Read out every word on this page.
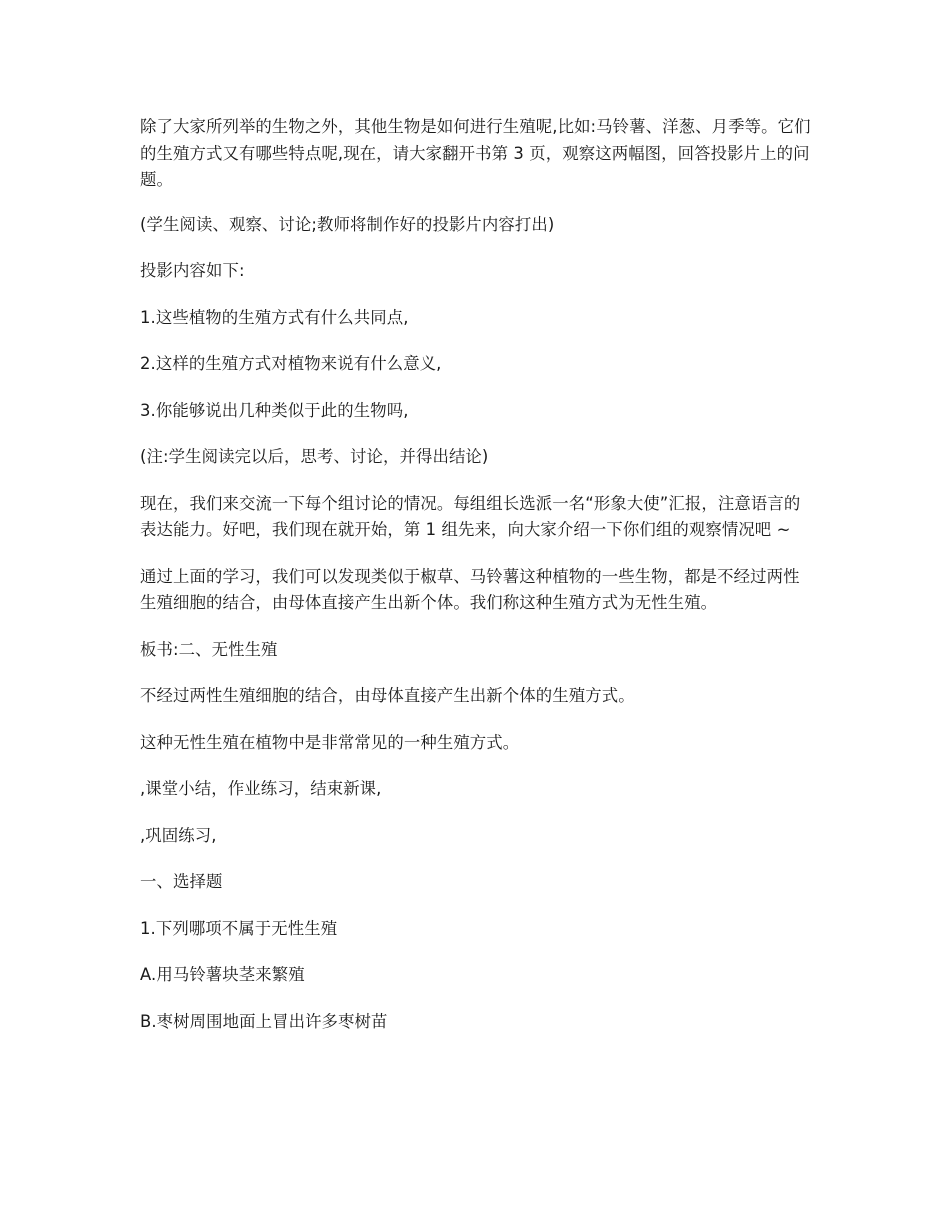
除了大家所列举的生物之外，其他生物是如何进行生殖呢,比如:马铃薯、洋葱、月季等。它们的生殖方式又有哪些特点呢,现在，请大家翻开书第 3 页，观察这两幅图，回答投影片上的问题。

(学生阅读、观察、讨论;教师将制作好的投影片内容打出)

投影内容如下:

1.这些植物的生殖方式有什么共同点,

2.这样的生殖方式对植物来说有什么意义,

3.你能够说出几种类似于此的生物吗,

(注:学生阅读完以后，思考、讨论，并得出结论)

现在，我们来交流一下每个组讨论的情况。每组组长选派一名“形象大使”汇报，注意语言的表达能力。好吧，我们现在就开始，第 1 组先来，向大家介绍一下你们组的观察情况吧 ~

通过上面的学习，我们可以发现类似于椒草、马铃薯这种植物的一些生物，都是不经过两性生殖细胞的结合，由母体直接产生出新个体。我们称这种生殖方式为无性生殖。

板书:二、无性生殖

不经过两性生殖细胞的结合，由母体直接产生出新个体的生殖方式。

这种无性生殖在植物中是非常常见的一种生殖方式。

,课堂小结，作业练习，结束新课,

,巩固练习,

一、选择题

1.下列哪项不属于无性生殖

A.用马铃薯块茎来繁殖

B.枣树周围地面上冒出许多枣树苗
